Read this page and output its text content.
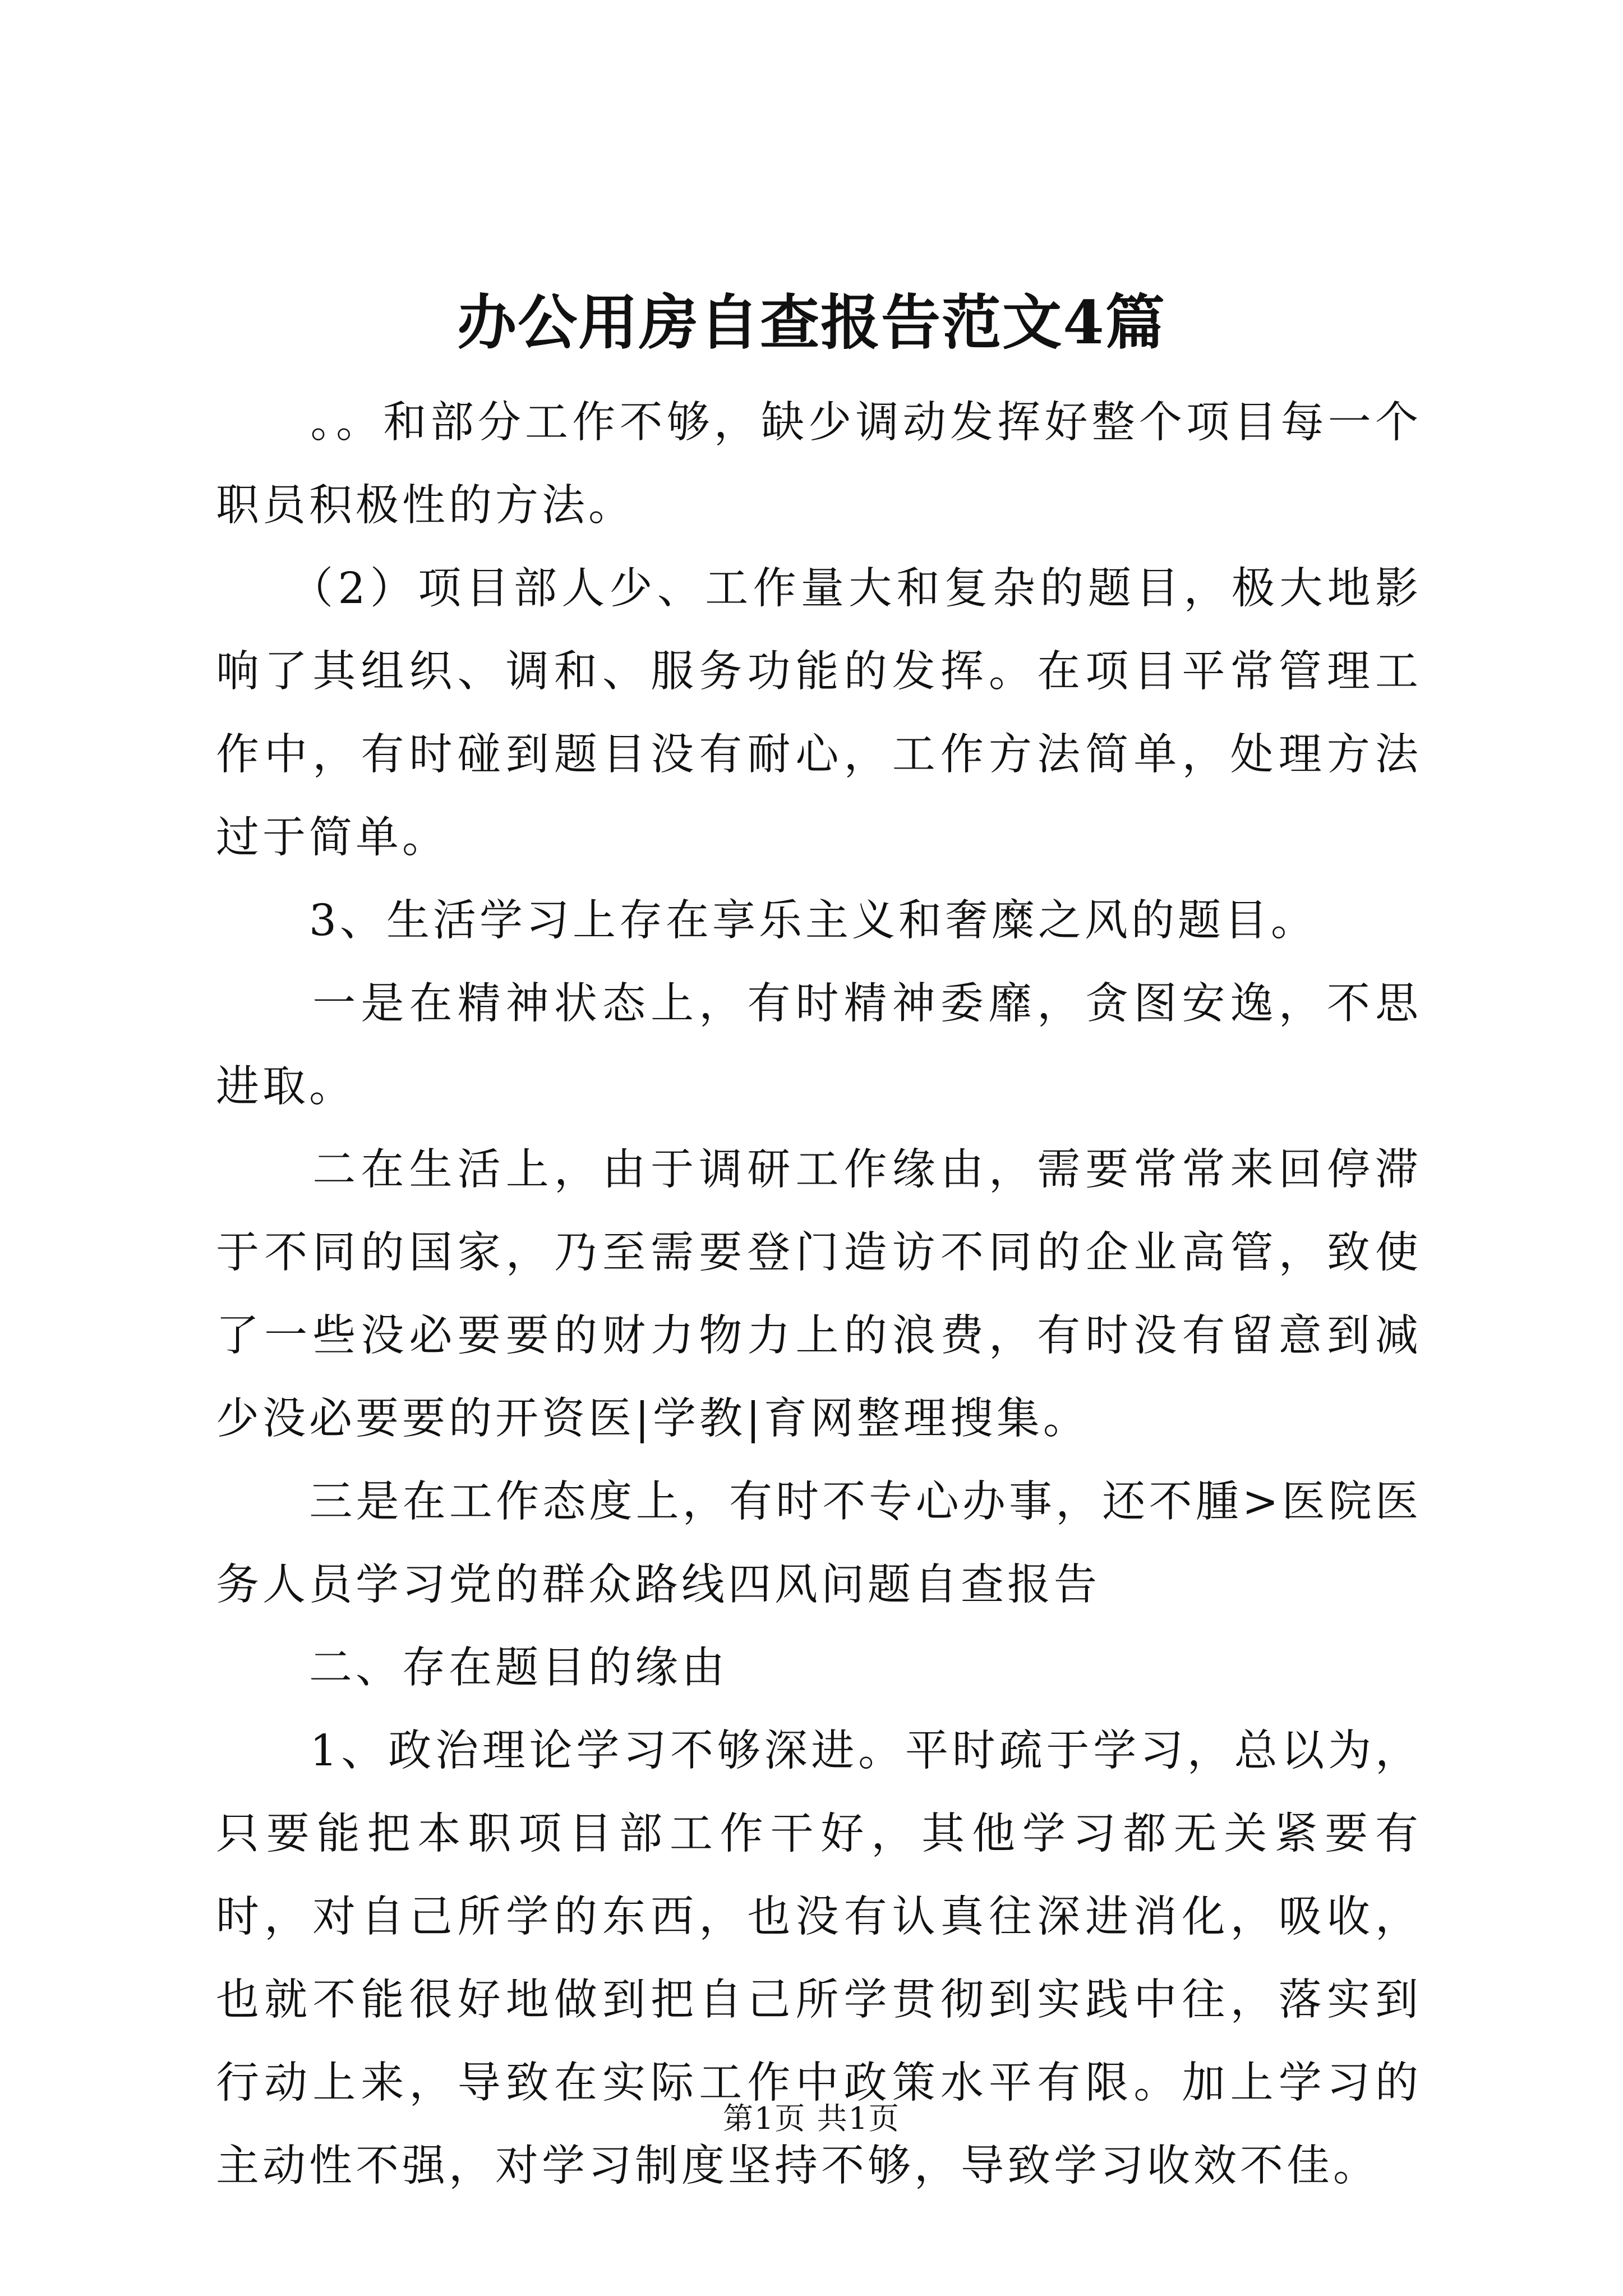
办公用房自查报告范文4篇

　　。。和部分工作不够，缺少调动发挥好整个项目每一个职员积极性的方法。

　　（2）项目部人少、工作量大和复杂的题目，极大地影响了其组织、调和、服务功能的发挥。在项目平常管理工作中，有时碰到题目没有耐心，工作方法简单，处理方法过于简单。

　　3、生活学习上存在享乐主义和奢糜之风的题目。

　　一是在精神状态上，有时精神委靡，贪图安逸，不思进取。

　　二在生活上，由于调研工作缘由，需要常常来回停滞于不同的国家，乃至需要登门造访不同的企业高管，致使了一些没必要要的财力物力上的浪费，有时没有留意到减少没必要要的开资医|学教|育网整理搜集。

　　三是在工作态度上，有时不专心办事，还不腫>医院医务人员学习党的群众路线四风问题自查报告

　　二、存在题目的缘由

　　1、政治理论学习不够深进。平时疏于学习，总以为，只要能把本职项目部工作干好，其他学习都无关紧要有时，对自己所学的东西，也没有认真往深进消化，吸收，也就不能很好地做到把自己所学贯彻到实践中往，落实到行动上来，导致在实际工作中政策水平有限。加上学习的主动性不强，对学习制度坚持不够，导致学习收效不佳。

第1页 共1页
